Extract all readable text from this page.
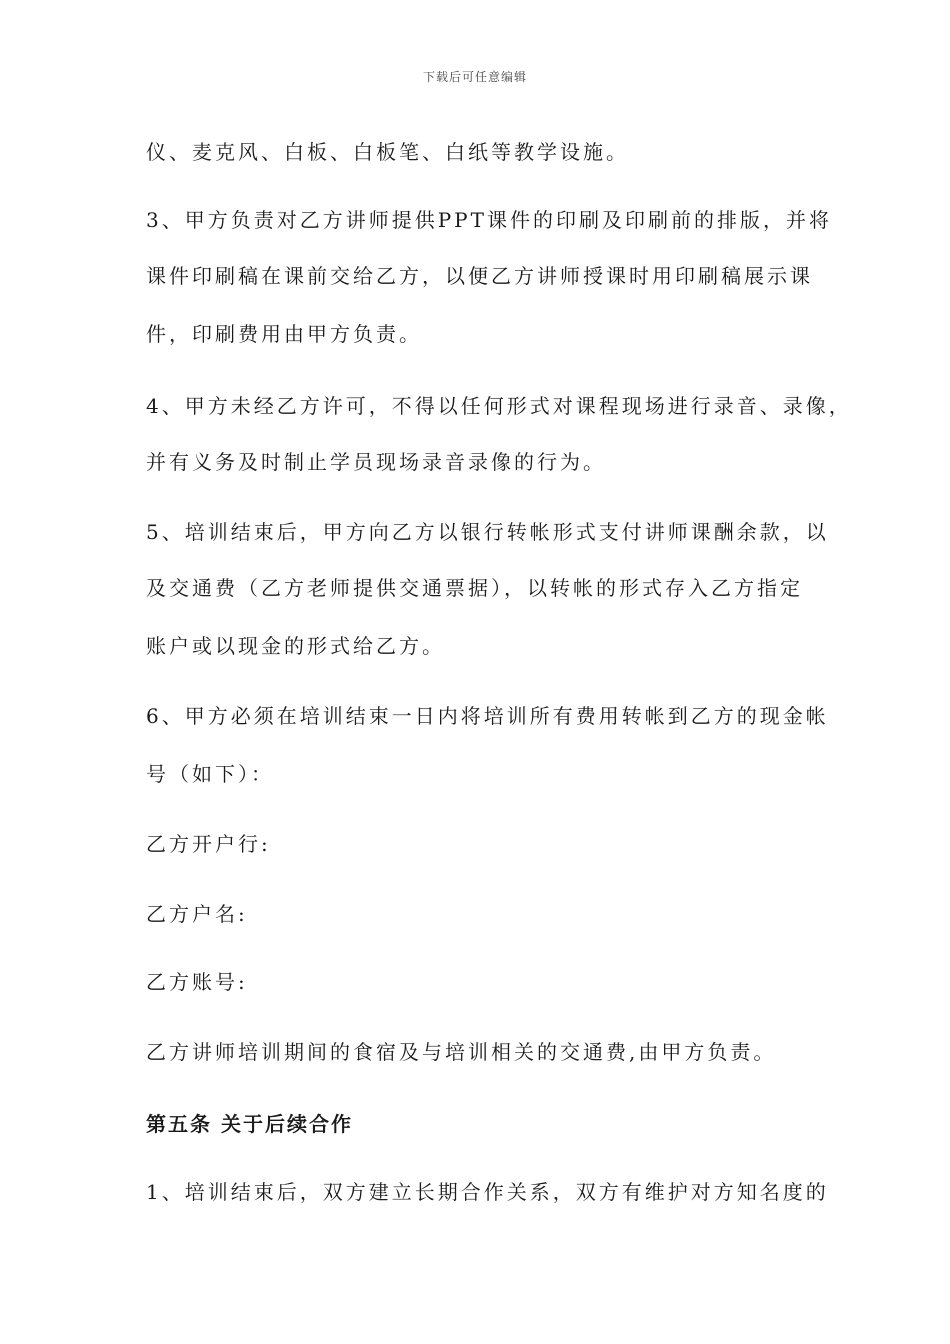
下载后可任意编辑
仪、麦克风、白板、白板笔、白纸等教学设施。
3、甲方负责对乙方讲师提供PPT课件的印刷及印刷前的排版，并将
课件印刷稿在课前交给乙方，以便乙方讲师授课时用印刷稿展示课
件，印刷费用由甲方负责。
4、甲方未经乙方许可，不得以任何形式对课程现场进行录音、录像，
并有义务及时制止学员现场录音录像的行为。
5、培训结束后，甲方向乙方以银行转帐形式支付讲师课酬余款，以
及交通费（乙方老师提供交通票据），以转帐的形式存入乙方指定
账户或以现金的形式给乙方。
6、甲方必须在培训结束一日内将培训所有费用转帐到乙方的现金帐
号（如下）：
乙方开户行:
乙方户名:
乙方账号:
乙方讲师培训期间的食宿及与培训相关的交通费,由甲方负责。
第五条 关于后续合作
1、培训结束后，双方建立长期合作关系，双方有维护对方知名度的
